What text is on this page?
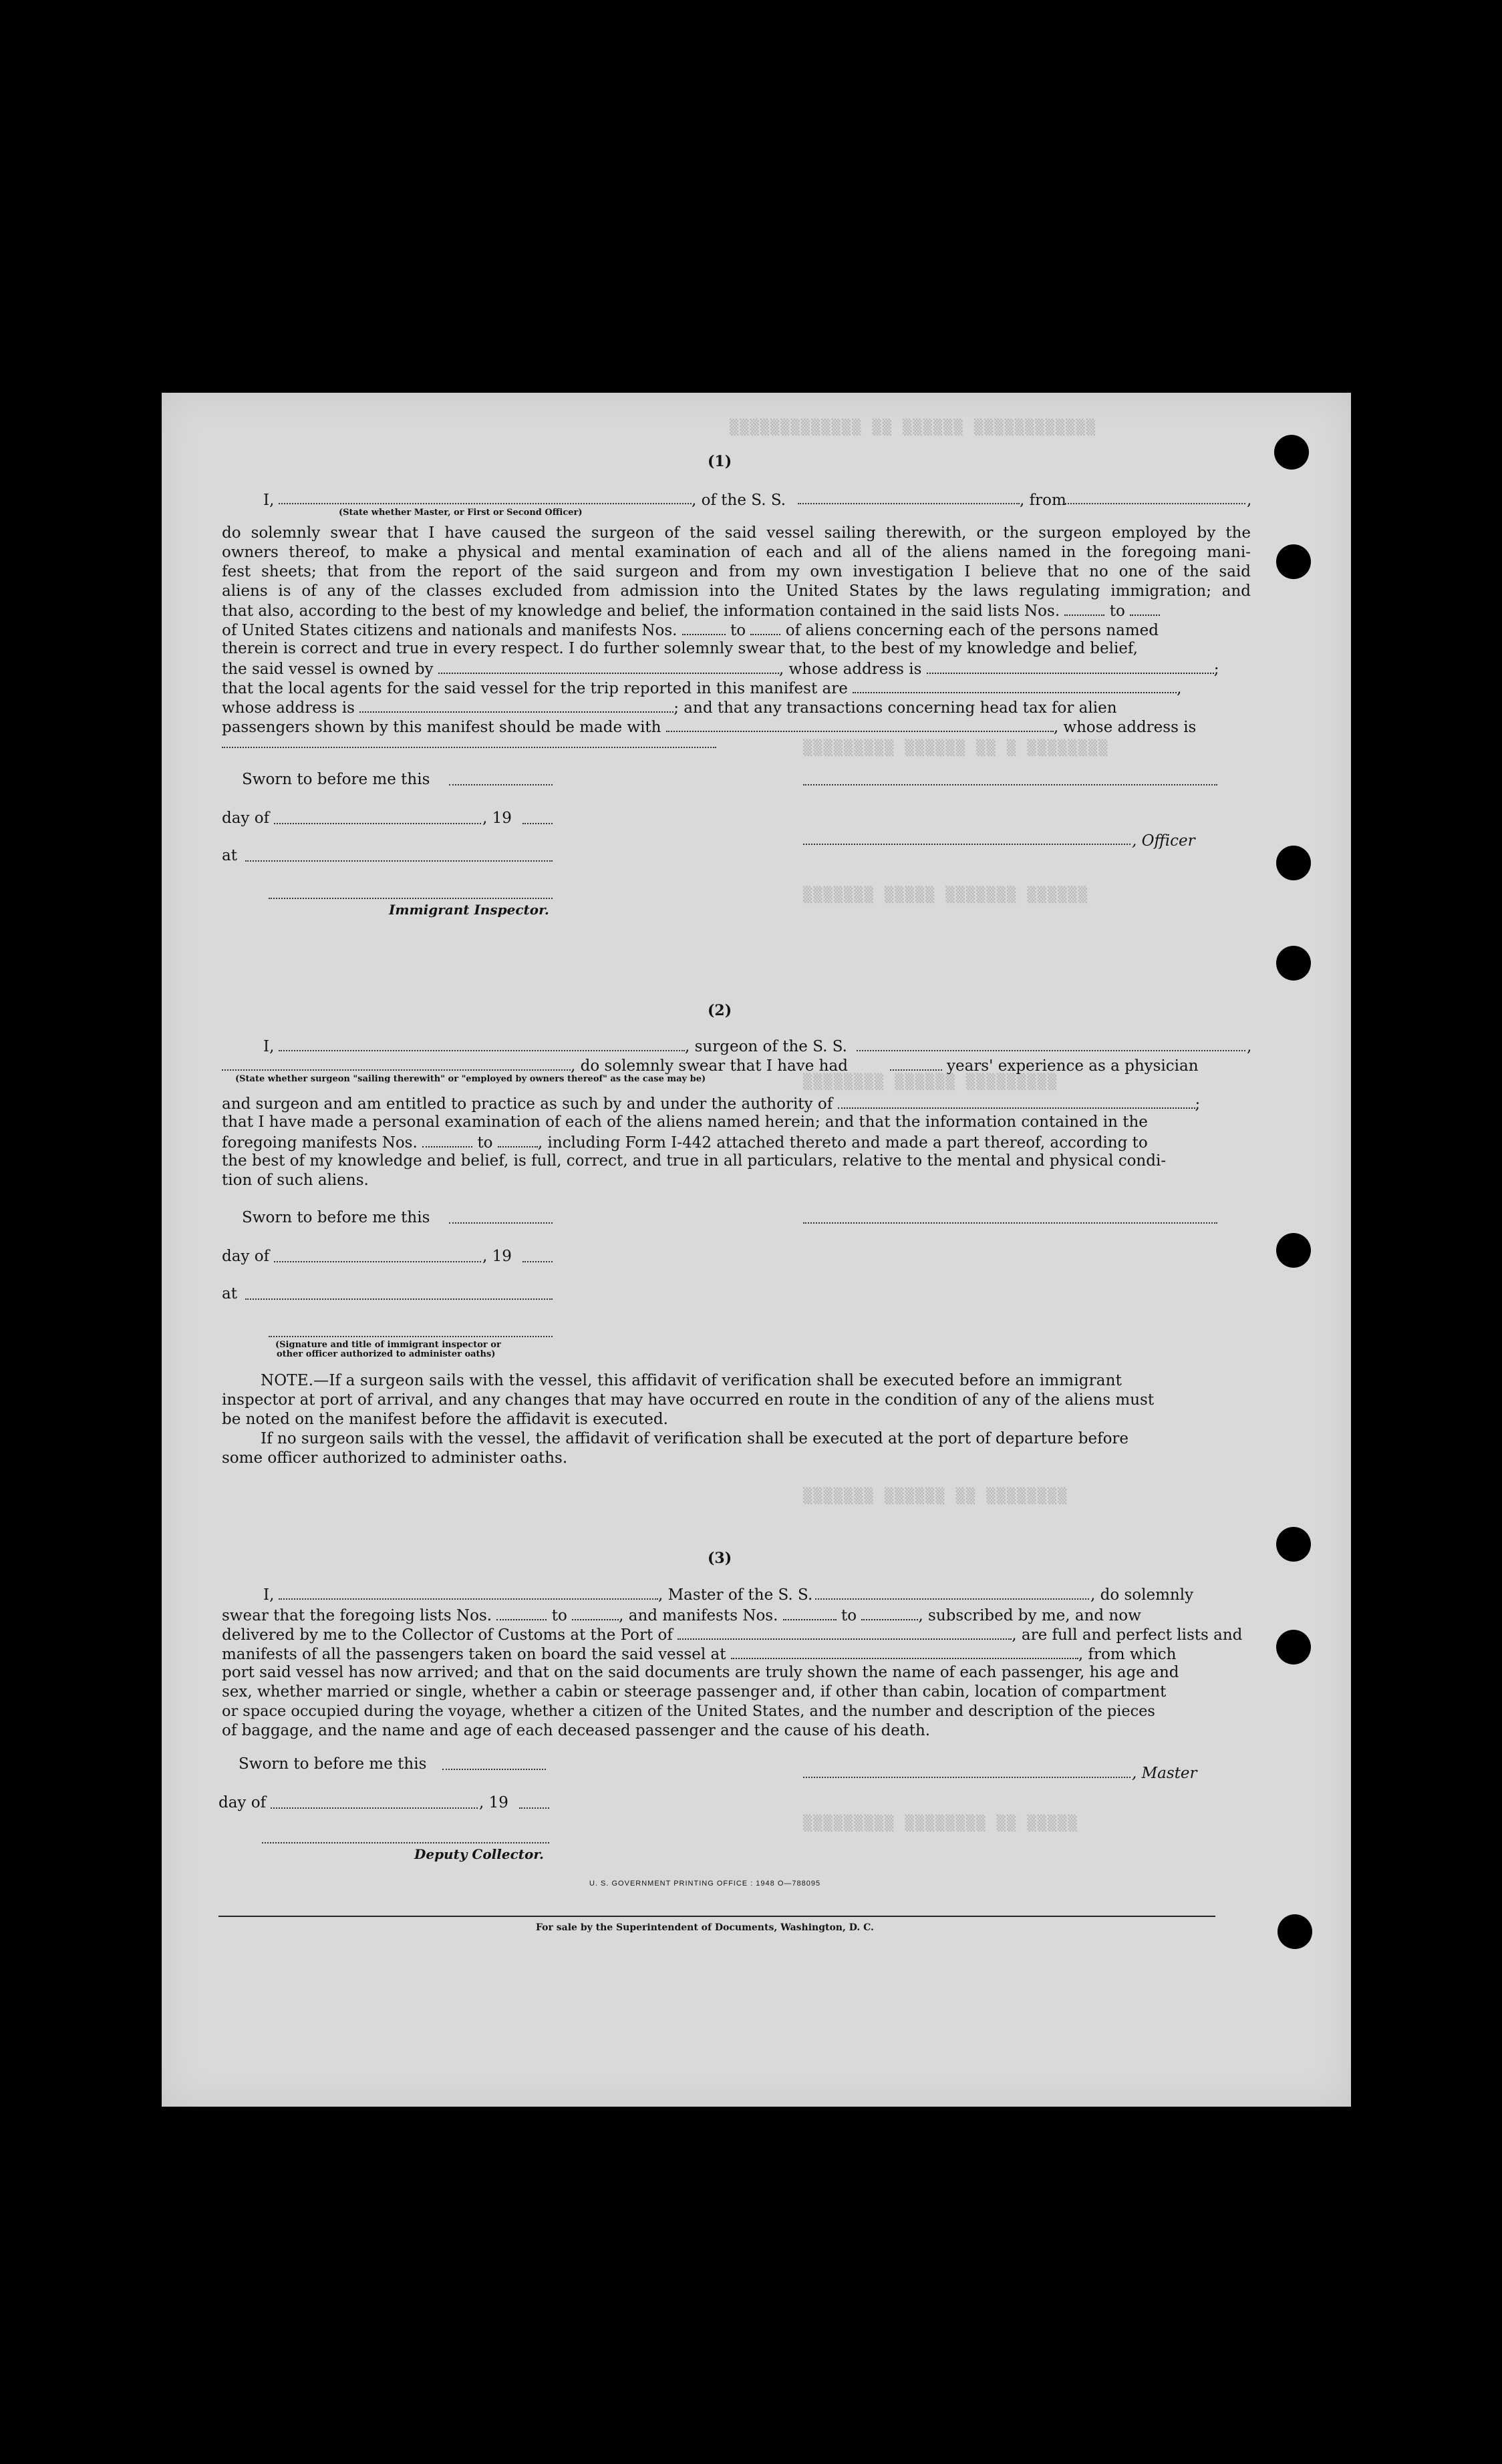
▒▒▒▒▒▒▒▒▒▒▒▒▒ ▒▒ ▒▒▒▒▒▒ ▒▒▒▒▒▒▒▒▒▒▒▒
▒▒▒▒▒▒▒▒▒ ▒▒▒▒▒▒ ▒▒ ▒ ▒▒▒▒▒▒▒▒
▒▒▒▒▒▒▒ ▒▒▒▒▒ ▒▒▒▒▒▒▒ ▒▒▒▒▒▒
▒▒▒▒▒▒▒▒ ▒▒▒▒▒▒ ▒▒▒▒▒▒▒▒▒
▒▒▒▒▒▒▒ ▒▒▒▒▒▒ ▒▒ ▒▒▒▒▒▒▒▒
▒▒▒▒▒▒▒▒▒ ▒▒▒▒▒▒▒▒ ▒▒ ▒▒▒▒▒
(1)
I,	, of the S. S.	, from	,
(State whether Master, or First or Second Officer)
do solemnly swear that I have caused the surgeon of the said vessel sailing therewith, or the surgeon employed by the
owners thereof, to make a physical and mental examination of each and all of the aliens named in the foregoing mani-
fest sheets; that from the report of the said surgeon and from my own investigation I believe that no one of the said
aliens is of any of the classes excluded from admission into the United States by the laws regulating immigration; and
that also, according to the best of my knowledge and belief, the information contained in the said lists Nos.	to
of United States citizens and nationals and manifests Nos.	to	of aliens concerning each of the persons named
therein is correct and true in every respect. I do further solemnly swear that, to the best of my knowledge and belief,
the said vessel is owned by	, whose address is	;
that the local agents for the said vessel for the trip reported in this manifest are	,
whose address is	; and that any transactions concerning head tax for alien
passengers shown by this manifest should be made with	, whose address is
Sworn to before me this
day of	, 19
, Officer
at
Immigrant Inspector.
(2)
I,	, surgeon of the S. S.	,
, do solemnly swear that I have had	years' experience as a physician
(State whether surgeon "sailing therewith" or "employed by owners thereof" as the case may be)
and surgeon and am entitled to practice as such by and under the authority of	;
that I have made a personal examination of each of the aliens named herein; and that the information contained in the
foregoing manifests Nos.	to	, including Form I-442 attached thereto and made a part thereof, according to
the best of my knowledge and belief, is full, correct, and true in all particulars, relative to the mental and physical condi-
tion of such aliens.
Sworn to before me this
day of	, 19
at
(Signature and title of immigrant inspector or
other officer authorized to administer oaths)
NOTE.—If a surgeon sails with the vessel, this affidavit of verification shall be executed before an immigrant
inspector at port of arrival, and any changes that may have occurred en route in the condition of any of the aliens must
be noted on the manifest before the affidavit is executed.
If no surgeon sails with the vessel, the affidavit of verification shall be executed at the port of departure before
some officer authorized to administer oaths.
(3)
I,	, Master of the S. S.	, do solemnly
swear that the foregoing lists Nos.	to	, and manifests Nos.	to	, subscribed by me, and now
delivered by me to the Collector of Customs at the Port of	, are full and perfect lists and
manifests of all the passengers taken on board the said vessel at	, from which
port said vessel has now arrived; and that on the said documents are truly shown the name of each passenger, his age and
sex, whether married or single, whether a cabin or steerage passenger and, if other than cabin, location of compartment
or space occupied during the voyage, whether a citizen of the United States, and the number and description of the pieces
of baggage, and the name and age of each deceased passenger and the cause of his death.
Sworn to before me this
, Master
day of	, 19
Deputy Collector.
U. S. GOVERNMENT PRINTING OFFICE : 1948 O—788095
For sale by the Superintendent of Documents, Washington, D. C.
